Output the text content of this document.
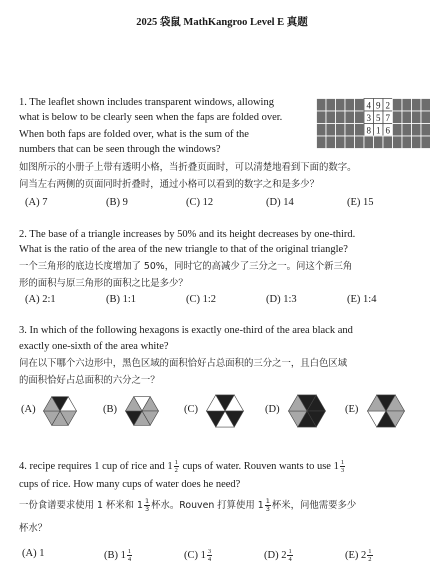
2025 袋鼠 MathKangroo Level E 真题
1. The leaflet shown includes transparent windows, allowing
what is below to be clearly seen when the faps are folded over.
When both faps are folded over, what is the sum of the
numbers that can be seen through the windows?
如图所示的小册子上带有透明小格，当折叠页面时，可以清楚地看到下面的数字。
问当左右两侧的页面同时折叠时，通过小格可以看到的数字之和是多少？
4 9 2
3 5 7
8 1 6
(A) 7	(B) 9	(C) 12	(D) 14	(E) 15
2. The base of a triangle increases by 50% and its height decreases by one-third.
What is the ratio of the area of the new triangle to that of the original triangle?
一个三角形的底边长度增加了 50%，同时它的高减少了三分之一。问这个新三角
形的面积与原三角形的面积之比是多少？
(A) 2:1	(B) 1:1	(C) 1:2	(D) 1:3	(E) 1:4
3. In which of the following hexagons is exactly one-third of the area black and
exactly one-sixth of the area white?
问在以下哪个六边形中，黑色区域的面积恰好占总面积的三分之一，且白色区域
的面积恰好占总面积的六分之一？
(A)	(B)	(C)	(D)	(E)
4. recipe requires 1 cup of rice and $1 \frac{1}{2}$ cups of water. Rouven wants to use $1 \frac{1}{3}$
cups of rice. How many cups of water does he need?
一份食谱要求使用 1 杯米和 $1 \frac{1}{3}$ 杯水。Rouven 打算使用 $1 \frac{1}{3}$ 杯米，问他需要多少
杯水？
(A) 1	(B) $1 \frac{1}{4}$	(C) $1 \frac{3}{4}$	(D) $2 \frac{1}{4}$	(E) $2 \frac{1}{2}$
